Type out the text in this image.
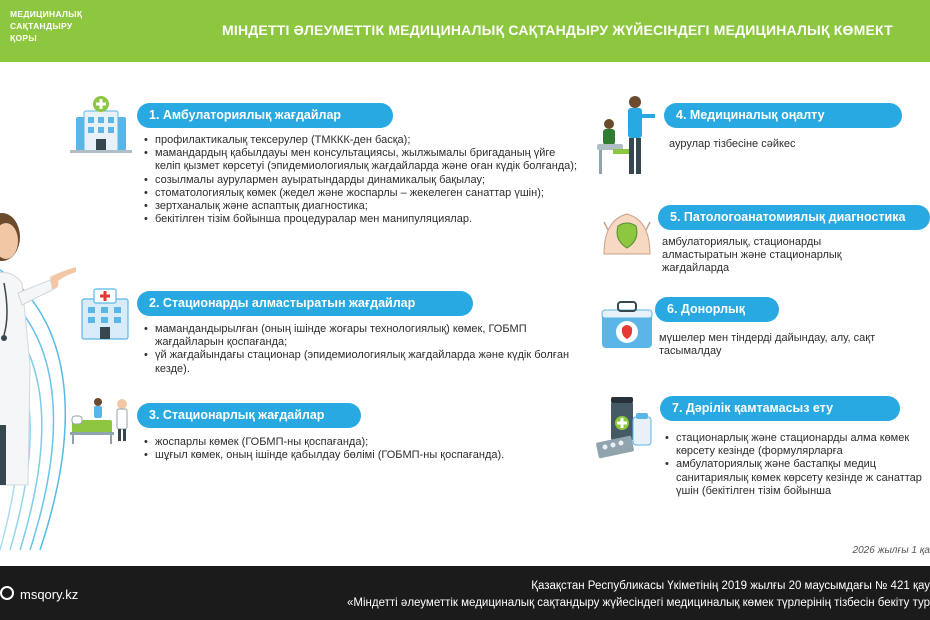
МЕДИЦИНАЛЫҚ
САҚТАНДЫРУ
ҚОРЫ	МІНДЕТТІ ӘЛЕУМЕТТІК МЕДИЦИНАЛЫҚ САҚТАНДЫРУ ЖҮЙЕСІНДЕГІ МЕДИЦИНАЛЫҚ КӨМЕКТ
1. Амбулаториялық жағдайлар
• профилактикалық тексерулер (ТМККК-ден басқа);
• мамандардың қабылдауы мен консультациясы, жылжымалы бригаданың үйге келіп қызмет көрсетуі (эпидемиологиялық жағдайларда және оған күдік болғанда);
• созылмалы аурулармен ауыратындарды динамикалық бақылау;
• стоматологиялық көмек (жедел және жоспарлы – жекелеген санаттар үшін);
• зертханалық және аспаптық диагностика;
• бекітілген тізім бойынша процедуралар мен манипуляциялар.
2. Стационарды алмастыратын жағдайлар
• мамандандырылған (оның ішінде жоғары технологиялық) көмек, ГОБМП жағдайларын қоспағанда;
• үй жағдайындағы стационар (эпидемиологиялық жағдайларда және күдік болған кезде).
3. Стационарлық жағдайлар
• жоспарлы көмек (ГОБМП-ны қоспағанда);
• шұғыл көмек, оның ішінде қабылдау бөлімі (ГОБМП-ны қоспағанда).
4. Медициналық оңалту
аурулар тізбесіне сәйкес
5. Патологоанатомиялық диагностика
амбулаториялық, стационарды алмастыратын және стационарлық жағдайларда
6. Донорлық
мүшелер мен тіндерді дайындау, алу, сақт тасымалдау
7. Дәрілік қамтамасыз ету
• стационарлық және стационарды алма көмек көрсету кезінде (формулярларға
• амбулаториялық және бастапқы медиц санитариялық көмек көрсету кезінде ж санаттар үшін (бекітілген тізім бойынша
2026 жылғы 1 қа
msqory.kz
Қазақстан Республикасы Үкіметінің 2019 жылғы 20 маусымдағы № 421 қау
«Міндетті әлеуметтік медициналық сақтандыру жүйесіндегі медициналық көмек түрлерінің тізбесін бекіту тур
